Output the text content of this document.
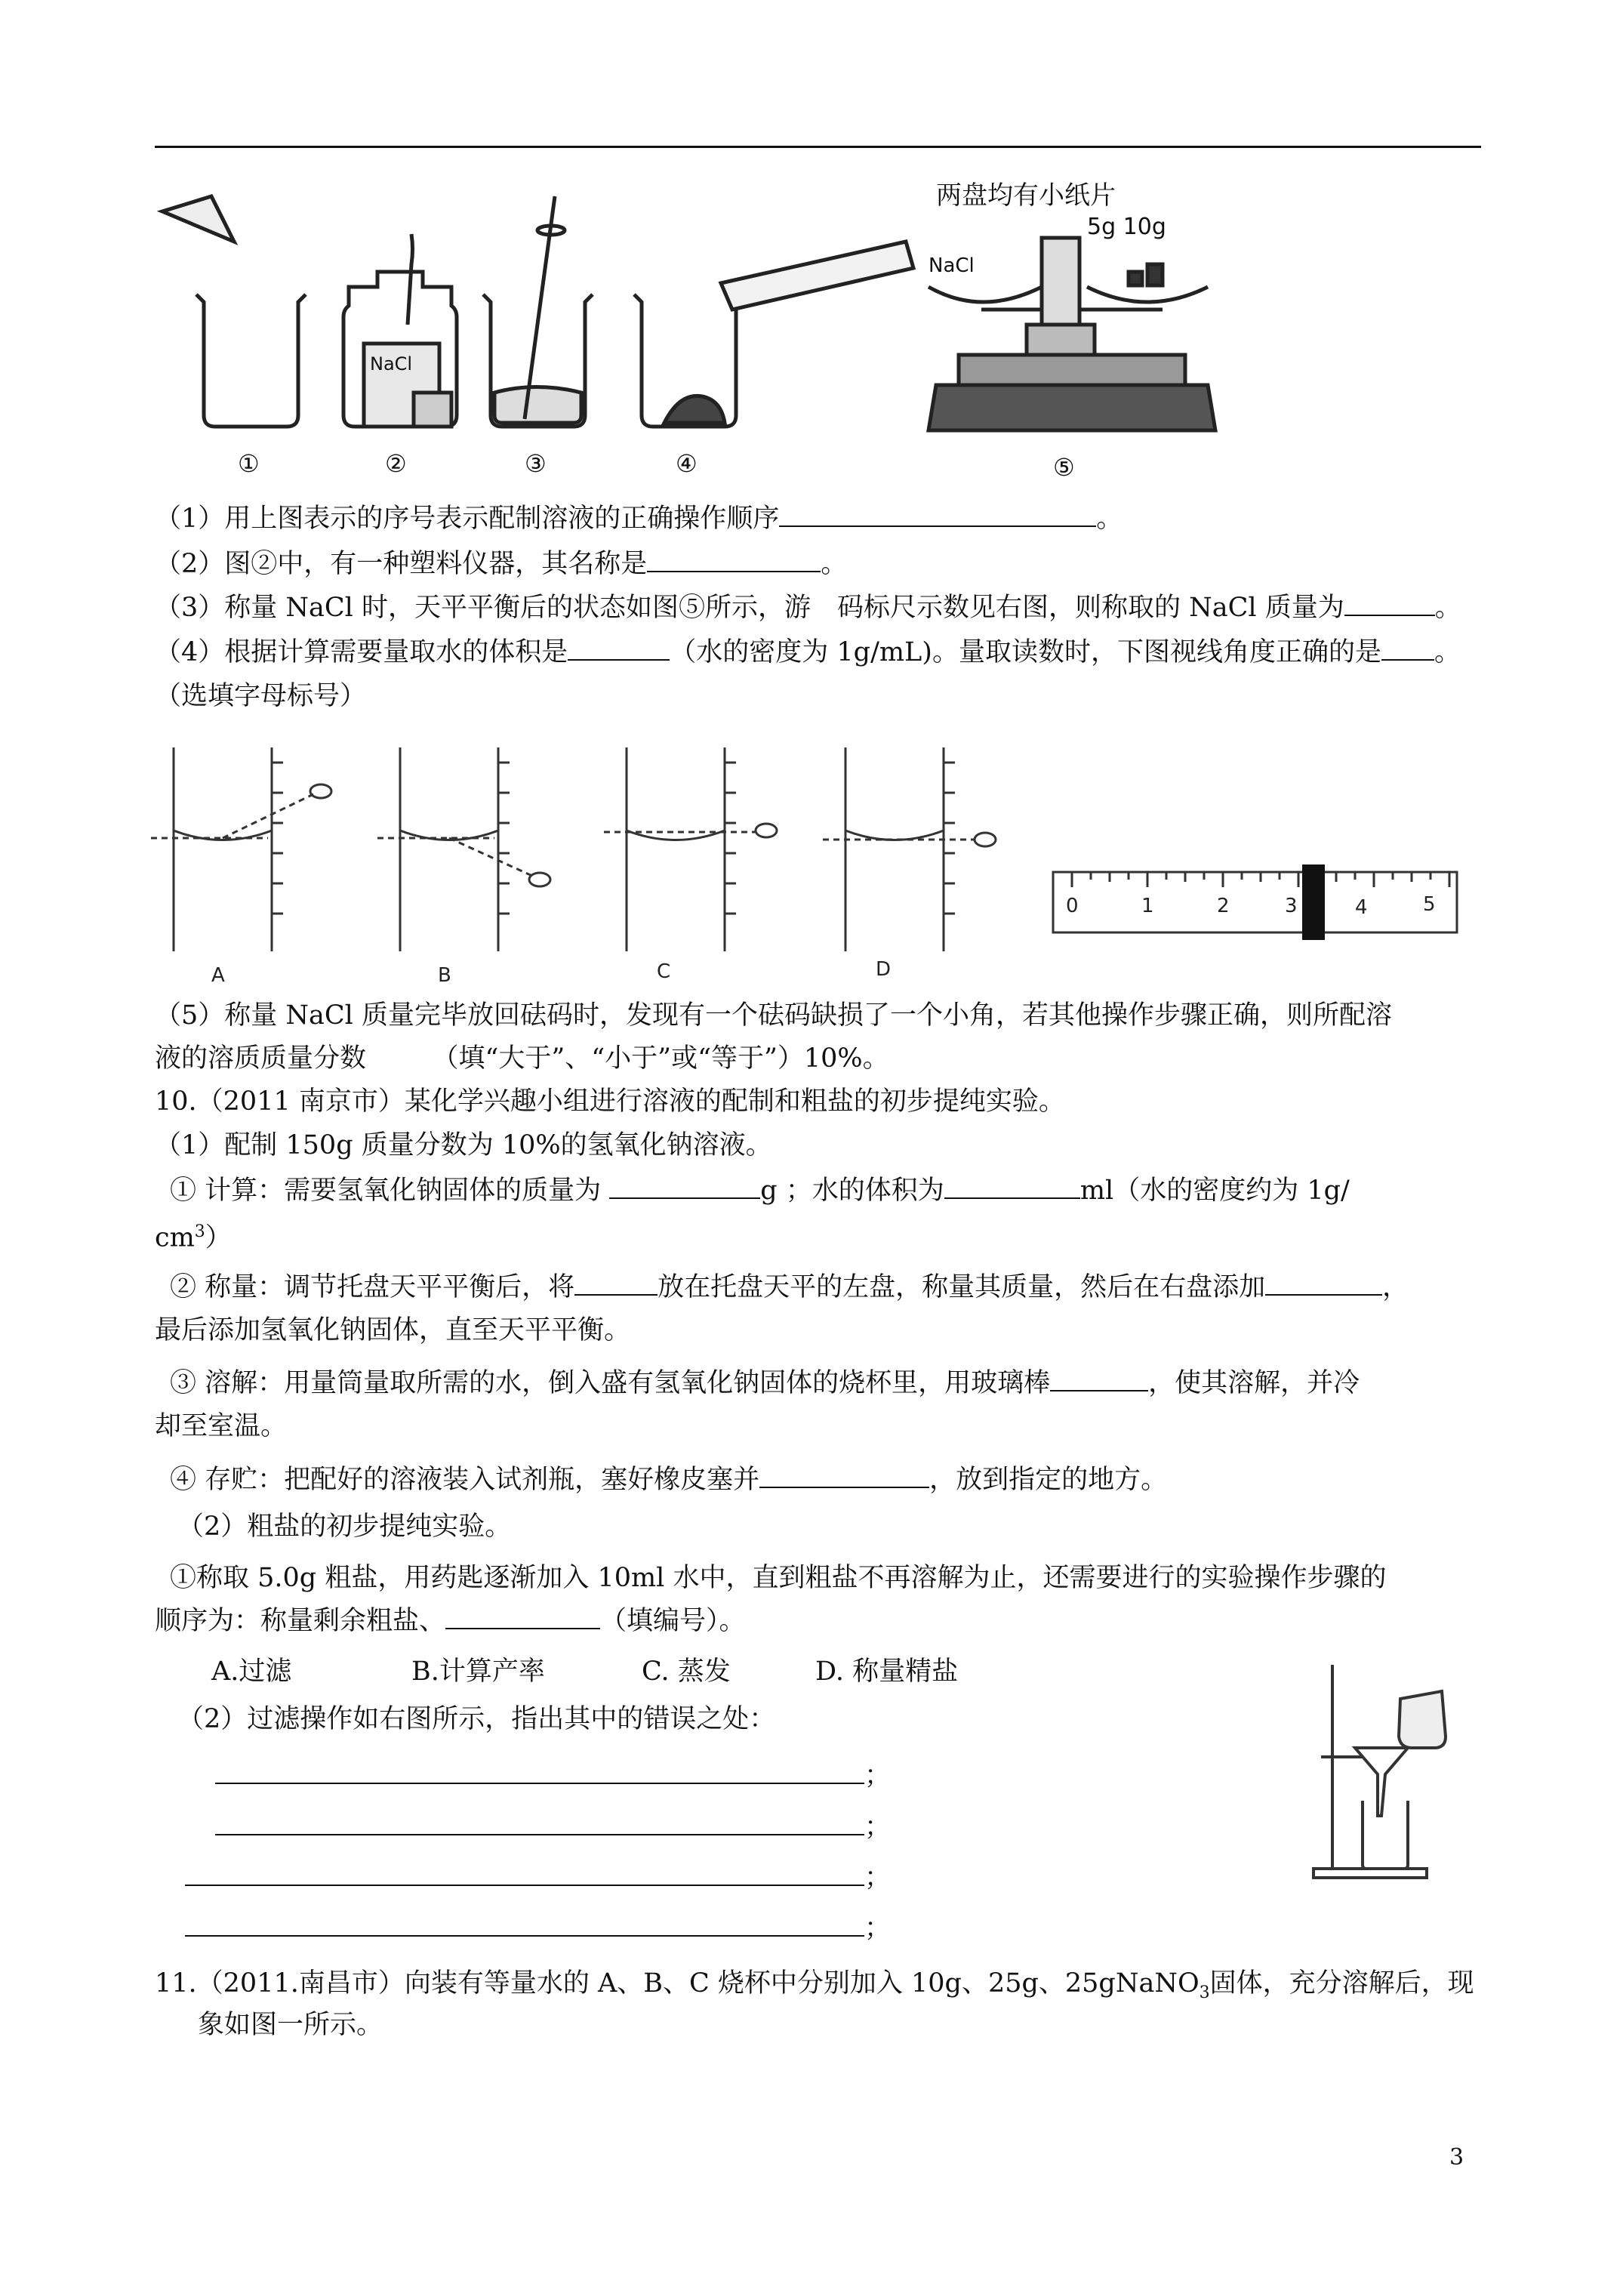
①	②	③	④	⑤
NaCl
两盘均有小纸片
5g 10g
NaCl
（1）用上图表示的序号表示配制溶液的正确操作顺序	。
（2）图②中，有一种塑料仪器，其名称是	。
（3）称量 NaCl 时，天平平衡后的状态如图⑤所示，游　码标尺示数见右图，则称取的 NaCl 质量为	。
（4）根据计算需要量取水的体积是	（水的密度为 1g/mL)。量取读数时，下图视线角度正确的是 。
（选填字母标号）
A	B	C	D
0	1	2	3	4	5
（5）称量 NaCl 质量完毕放回砝码时，发现有一个砝码缺损了一个小角，若其他操作步骤正确，则所配溶
液的溶质质量分数　　　（填“大于”、“小于”或“等于”）10%。
10.（2011 南京市）某化学兴趣小组进行溶液的配制和粗盐的初步提纯实验。
（1）配制 150g 质量分数为 10%的氢氧化钠溶液。
① 计算：需要氢氧化钠固体的质量为	g ；水的体积为	ml（水的密度约为 1g/
$cm^3$）
② 称量：调节托盘天平平衡后，将	放在托盘天平的左盘，称量其质量，然后在右盘添加	，
最后添加氢氧化钠固体，直至天平平衡。
③ 溶解：用量筒量取所需的水，倒入盛有氢氧化钠固体的烧杯里，用玻璃棒	，使其溶解，并冷
却至室温。
④ 存贮：把配好的溶液装入试剂瓶，塞好橡皮塞并	，放到指定的地方。
（2）粗盐的初步提纯实验。
①称取 5.0g 粗盐，用药匙逐渐加入 10ml 水中，直到粗盐不再溶解为止，还需要进行的实验操作步骤的
顺序为：称量剩余粗盐、	（填编号）。
A.过滤	B.计算产率	C. 蒸发	D. 称量精盐
（2）过滤操作如右图所示，指出其中的错误之处：
；
；
；
；
11.（2011.南昌市）向装有等量水的 A、B、C 烧杯中分别加入 10g、25g、25gNaNO$_3$固体，充分溶解后，现
象如图一所示。
3
